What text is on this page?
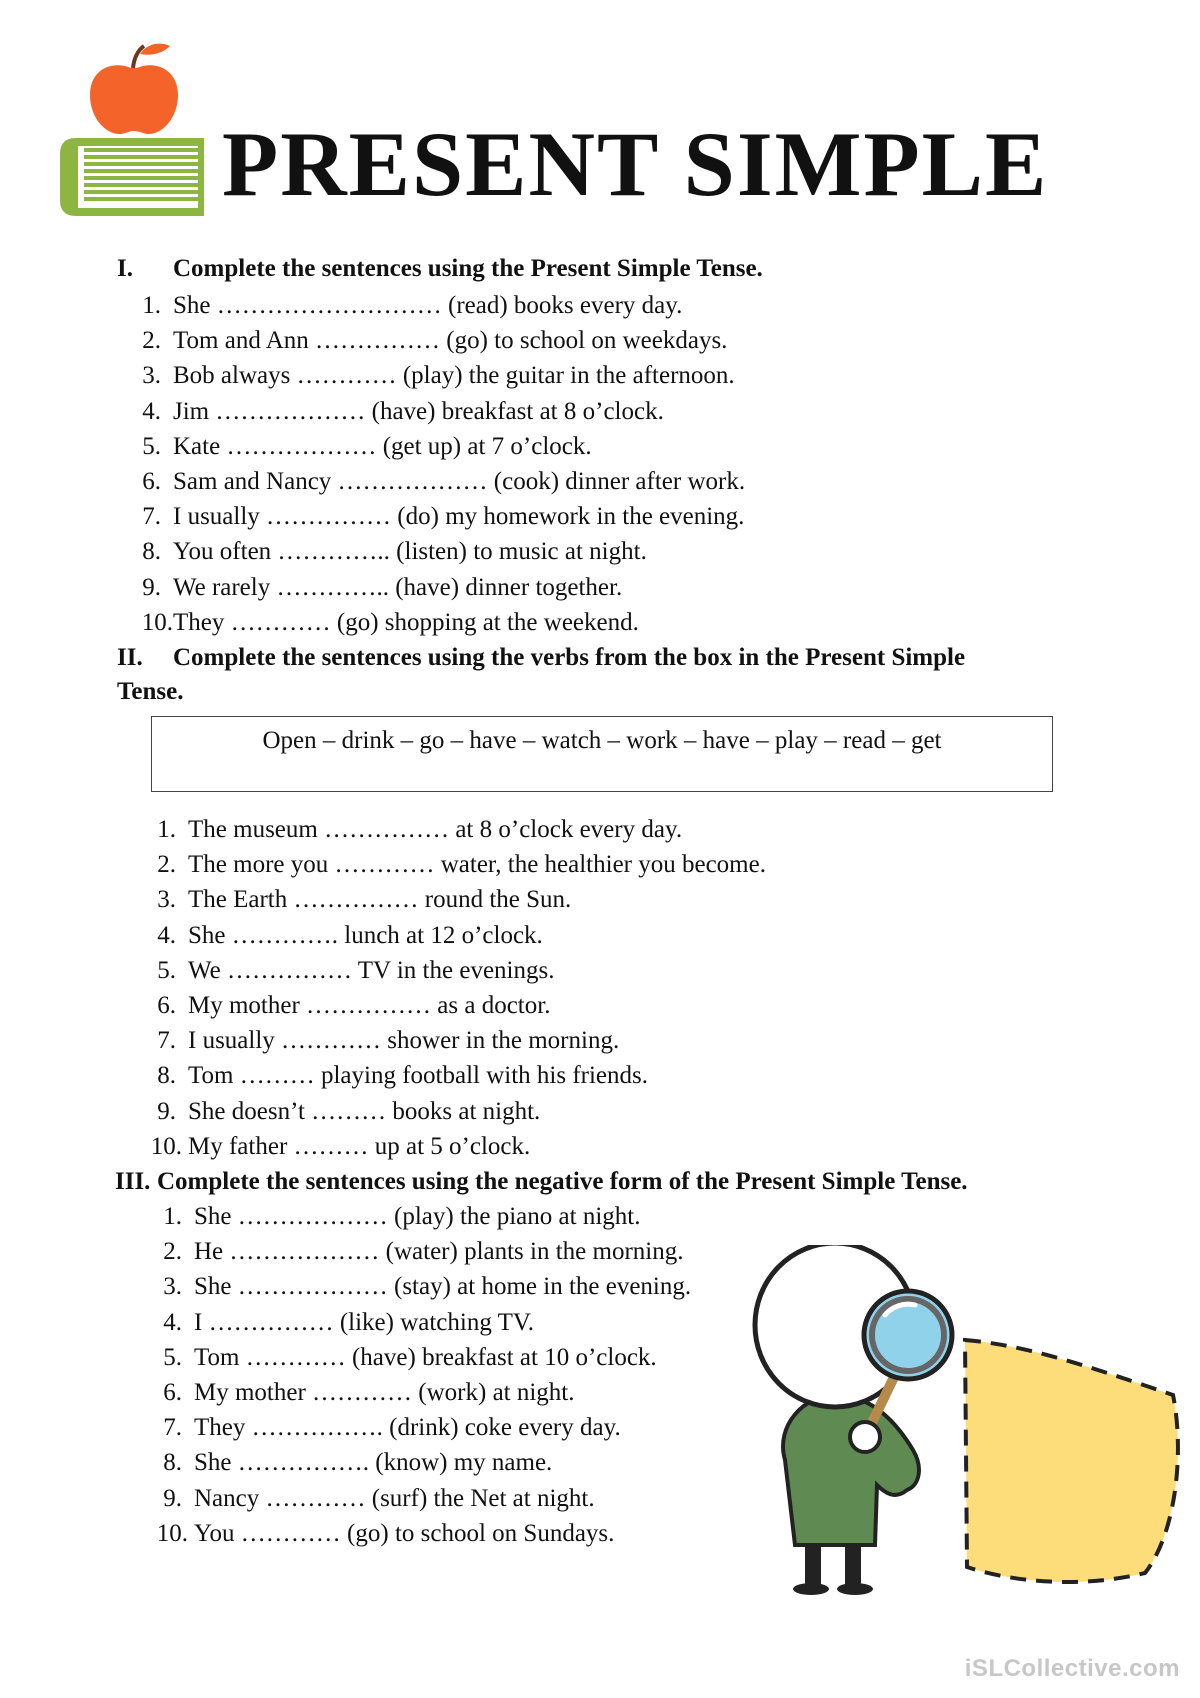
PRESENT SIMPLE
I. Complete the sentences using the Present Simple Tense.
1. She ……………………… (read) books every day.
2. Tom and Ann …………… (go) to school on weekdays.
3. Bob always ………… (play) the guitar in the afternoon.
4. Jim ……………… (have) breakfast at 8 o’clock.
5. Kate ……………… (get up) at 7 o’clock.
6. Sam and Nancy ……………… (cook) dinner after work.
7. I usually …………… (do) my homework in the evening.
8. You often ………….. (listen) to music at night.
9. We rarely ………….. (have) dinner together.
10. They ………… (go) shopping at the weekend.
II. Complete the sentences using the verbs from the box in the Present Simple
Tense.
Open – drink – go – have – watch – work – have – play – read – get
1. The museum …………… at 8 o’clock every day.
2. The more you ………… water, the healthier you become.
3. The Earth …………… round the Sun.
4. She …………. lunch at 12 o’clock.
5. We …………… TV in the evenings.
6. My mother …………… as a doctor.
7. I usually ………… shower in the morning.
8. Tom ……… playing football with his friends.
9. She doesn’t ……… books at night.
10. My father ……… up at 5 o’clock.
III. Complete the sentences using the negative form of the Present Simple Tense.
1. She ……………… (play) the piano at night.
2. He ……………… (water) plants in the morning.
3. She ……………… (stay) at home in the evening.
4. I …………… (like) watching TV.
5. Tom ………… (have) breakfast at 10 o’clock.
6. My mother ………… (work) at night.
7. They ……………. (drink) coke every day.
8. She ……………. (know) my name.
9. Nancy ………… (surf) the Net at night.
10. You ………… (go) to school on Sundays.
iSLCollective.com
